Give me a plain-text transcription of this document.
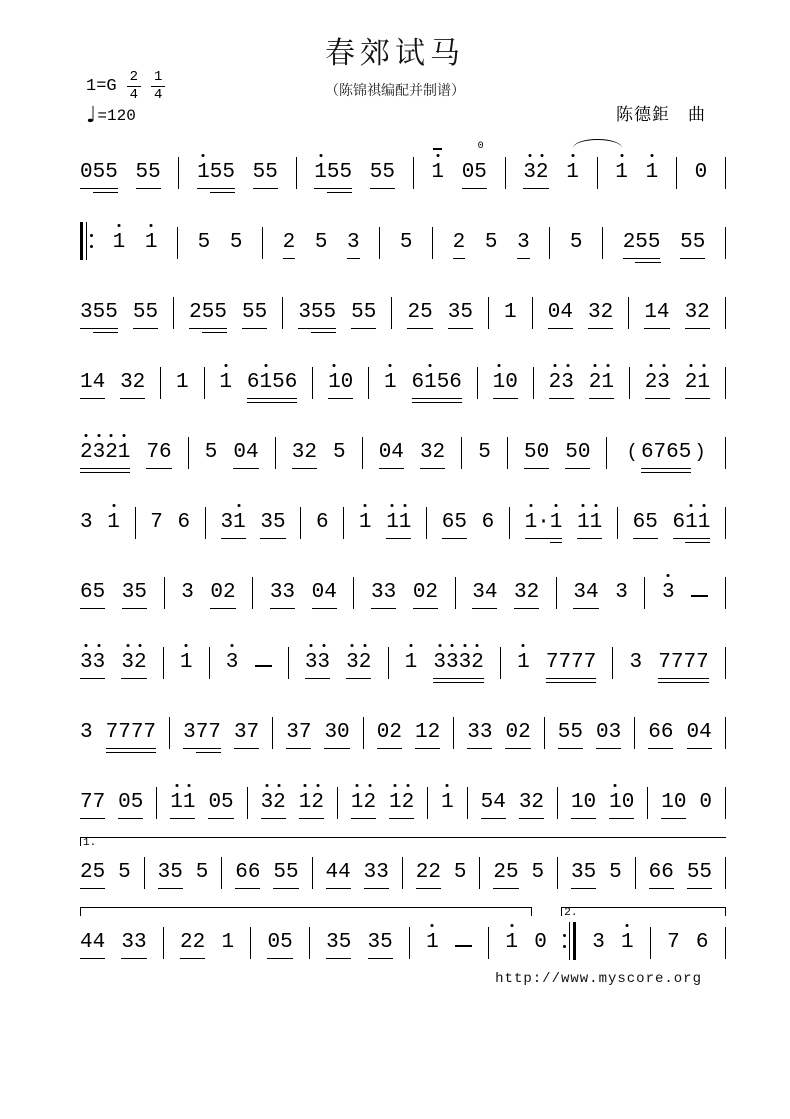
春郊试马
（陈锦祺编配并制谱）
$1=G \frac{2}{4} \frac{1}{4}$
♩ =120	陈德鉅　曲
055 55 1
55 55 1
55 55 1 05
0
3
2 1 1 1 0
1 1 5 5 2 5 3 5 2 5 3 5 255 55
355 55 255 55 355 55 25 35 1 04 32 14 32
14 32 1 1 61
56 1
0 1 61
56 1
0 2
3 2
1 2
3 2
1
2
3
2
1 76 5 04 32 5 04 32 5 50 50 ( 6765 )
3 1 7 6 31 35 6 1 1
1 65 6 1
·1 1
1 65 61
1
65 35 3 02 33 04 33 02 34 32 34 3 3
3
3 3
2 1 3	3
3 3
2 1 3
3
3
2 1 7777 3 7777
3 7777 377 37 37 30 02 12 33 02 55 03 66 04
77 05 1
1 05 3
2 1
2 1
2 1
2 1 54 32 10 1
0 10 0
1.
25 5 35 5 66 55 44 33 22 5 25 5 35 5 66 55
2.
44 33 22 1 05 35 35 1	1 0 3 1 7 6
http://www.myscore.org
